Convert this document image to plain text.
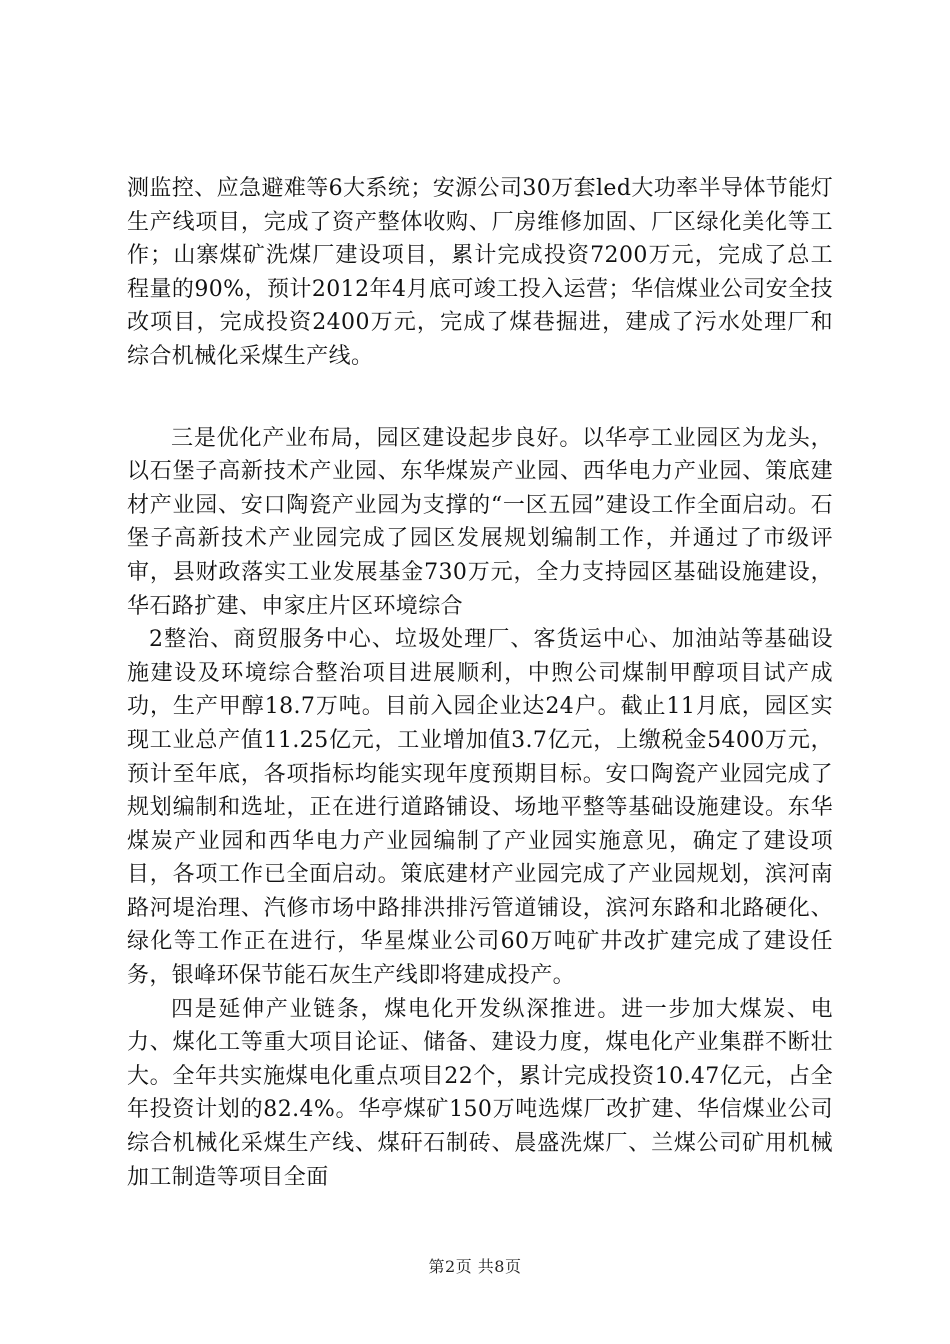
测监控、应急避难等6大系统；安源公司30万套led大功率半导体节能灯生产线项目，完成了资产整体收购、厂房维修加固、厂区绿化美化等工作；山寨煤矿洗煤厂建设项目，累计完成投资7200万元，完成了总工程量的90%，预计2012年4月底可竣工投入运营；华信煤业公司安全技改项目，完成投资2400万元，完成了煤巷掘进，建成了污水处理厂和综合机械化采煤生产线。

三是优化产业布局，园区建设起步良好。以华亭工业园区为龙头，以石堡子高新技术产业园、东华煤炭产业园、西华电力产业园、策底建材产业园、安口陶瓷产业园为支撑的“一区五园”建设工作全面启动。石堡子高新技术产业园完成了园区发展规划编制工作，并通过了市级评审，县财政落实工业发展基金730万元，全力支持园区基础设施建设，华石路扩建、申家庄片区环境综合

2整治、商贸服务中心、垃圾处理厂、客货运中心、加油站等基础设施建设及环境综合整治项目进展顺利，中煦公司煤制甲醇项目试产成功，生产甲醇18.7万吨。目前入园企业达24户。截止11月底，园区实现工业总产值11.25亿元，工业增加值3.7亿元，上缴税金5400万元，预计至年底，各项指标均能实现年度预期目标。安口陶瓷产业园完成了规划编制和选址，正在进行道路铺设、场地平整等基础设施建设。东华煤炭产业园和西华电力产业园编制了产业园实施意见，确定了建设项目，各项工作已全面启动。策底建材产业园完成了产业园规划，滨河南路河堤治理、汽修市场中路排洪排污管道铺设，滨河东路和北路硬化、绿化等工作正在进行，华星煤业公司60万吨矿井改扩建完成了建设任务，银峰环保节能石灰生产线即将建成投产。

四是延伸产业链条，煤电化开发纵深推进。进一步加大煤炭、电力、煤化工等重大项目论证、储备、建设力度，煤电化产业集群不断壮大。全年共实施煤电化重点项目22个，累计完成投资10.47亿元，占全年投资计划的82.4%。华亭煤矿150万吨选煤厂改扩建、华信煤业公司综合机械化采煤生产线、煤矸石制砖、晨盛洗煤厂、兰煤公司矿用机械加工制造等项目全面

第2页 共8页
